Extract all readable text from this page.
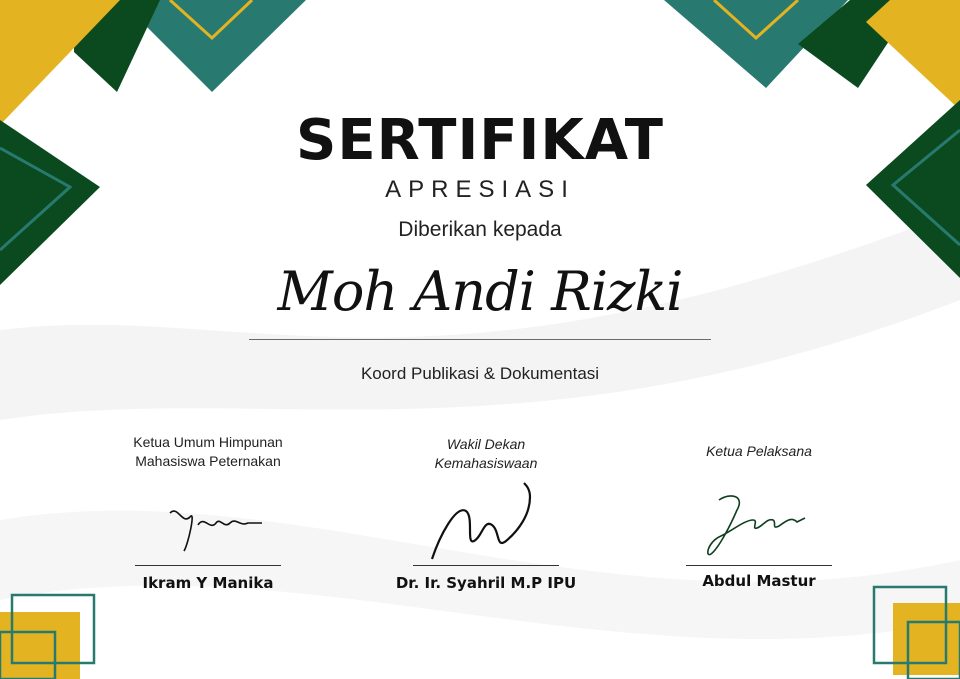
SERTIFIKAT
APRESIASI
Diberikan kepada
Moh Andi Rizki
Koord Publikasi & Dokumentasi

Ketua Umum Himpunan

Mahasiswa Peternakan

Ikram Y Manika

Wakil Dekan

Kemahasiswaan

Dr. Ir. Syahril M.P IPU

Ketua Pelaksana

Abdul Mastur
